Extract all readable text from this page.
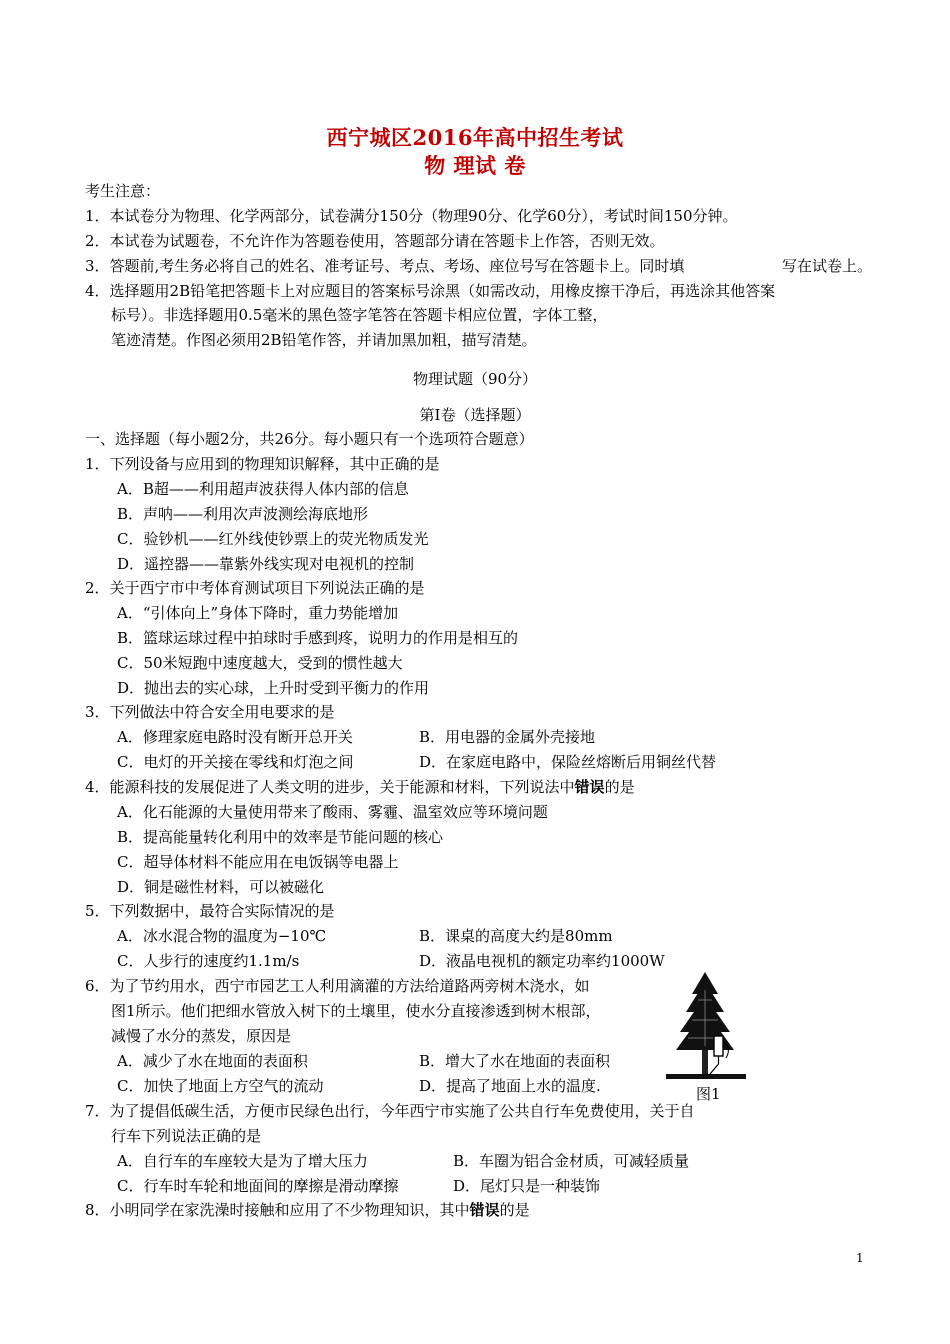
西宁城区2016年高中招生考试
物 理试 卷
考生注意：
1．本试卷分为物理、化学两部分，试卷满分150分（物理90分、化学60分），考试时间150分钟。
2．本试卷为试题卷，不允许作为答题卷使用，答题部分请在答题卡上作答，否则无效。
3．答题前,考生务必将自己的姓名、准考证号、考点、考场、座位号写在答题卡上。同时填	写在试卷上。
4．选择题用2B铅笔把答题卡上对应题目的答案标号涂黑（如需改动，用橡皮擦干净后，再选涂其他答案
标号）。非选择题用0.5毫米的黑色签字笔答在答题卡相应位置，字体工整，
笔迹清楚。作图必须用2B铅笔作答，并请加黑加粗，描写清楚。
物理试题（90分）
第Ⅰ卷（选择题）
一、选择题（每小题2分，共26分。每小题只有一个选项符合题意）
1．下列设备与应用到的物理知识解释，其中正确的是
A．B超——利用超声波获得人体内部的信息
B．声呐——利用次声波测绘海底地形
C．验钞机——红外线使钞票上的荧光物质发光
D．遥控器——靠紫外线实现对电视机的控制
2．关于西宁市中考体育测试项目下列说法正确的是
A．“引体向上”身体下降时，重力势能增加
B．篮球运球过程中拍球时手感到疼，说明力的作用是相互的
C．50米短跑中速度越大，受到的惯性越大
D．抛出去的实心球，上升时受到平衡力的作用
3．下列做法中符合安全用电要求的是
A．修理家庭电路时没有断开总开关	B．用电器的金属外壳接地
C．电灯的开关接在零线和灯泡之间	D．在家庭电路中，保险丝熔断后用铜丝代替
4．能源科技的发展促进了人类文明的进步，关于能源和材料，下列说法中错误的是
A．化石能源的大量使用带来了酸雨、雾霾、温室效应等环境问题
B．提高能量转化利用中的效率是节能问题的核心
C．超导体材料不能应用在电饭锅等电器上
D．铜是磁性材料，可以被磁化
5．下列数据中，最符合实际情况的是
A．冰水混合物的温度为−10℃	B．课桌的高度大约是80mm
C．人步行的速度约1.1m/s	D．液晶电视机的额定功率约1000W
6．为了节约用水，西宁市园艺工人利用滴灌的方法给道路两旁树木浇水，如
图1所示。他们把细水管放入树下的土壤里，使水分直接渗透到树木根部，
减慢了水分的蒸发，原因是
A．减少了水在地面的表面积	B．增大了水在地面的表面积
C．加快了地面上方空气的流动	D．提高了地面上水的温度.	图1
7．为了提倡低碳生活，方便市民绿色出行，今年西宁市实施了公共自行车免费使用，关于自
行车下列说法正确的是
A．自行车的车座较大是为了增大压力	B．车圈为铝合金材质，可减轻质量
C．行车时车轮和地面间的摩擦是滑动摩擦	D．尾灯只是一种装饰
8．小明同学在家洗澡时接触和应用了不少物理知识，其中错误的是
1
